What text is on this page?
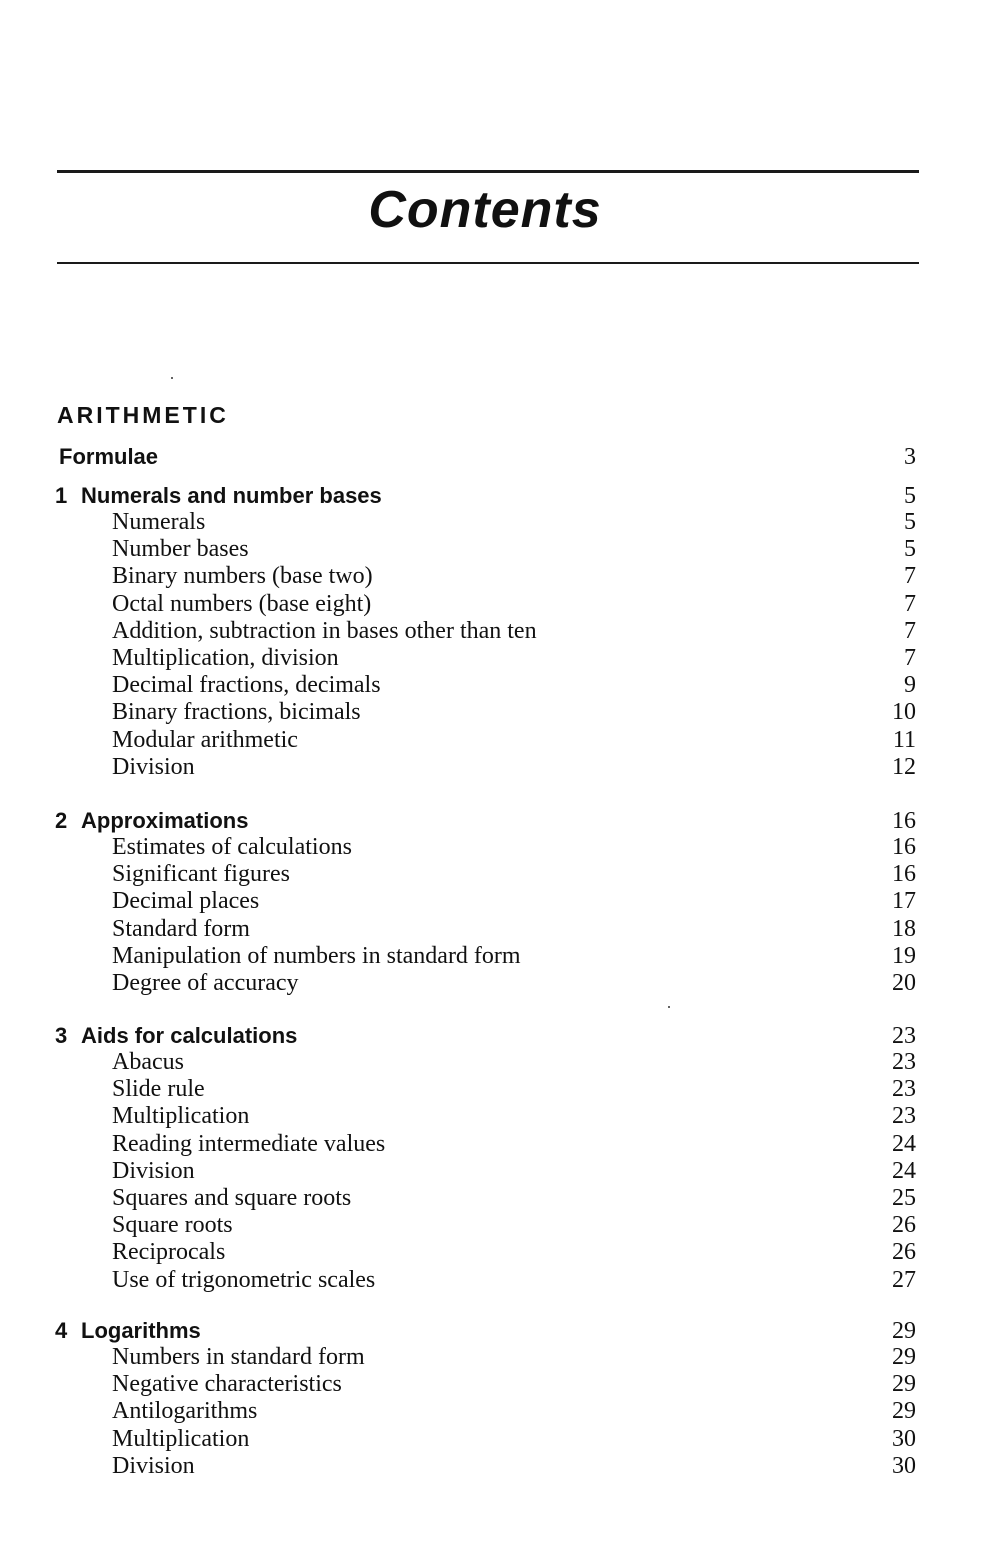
Contents
ARITHMETIC
Formulae	3
1 Numerals and number bases	5
Numerals	5
Number bases	5
Binary numbers (base two)	7
Octal numbers (base eight)	7
Addition, subtraction in bases other than ten	7
Multiplication, division	7
Decimal fractions, decimals	9
Binary fractions, bicimals	10
Modular arithmetic	11
Division	12
2 Approximations	16
Estimates of calculations	16
Significant figures	16
Decimal places	17
Standard form	18
Manipulation of numbers in standard form	19
Degree of accuracy	20
3 Aids for calculations	23
Abacus	23
Slide rule	23
Multiplication	23
Reading intermediate values	24
Division	24
Squares and square roots	25
Square roots	26
Reciprocals	26
Use of trigonometric scales	27
4 Logarithms	29
Numbers in standard form	29
Negative characteristics	29
Antilogarithms	29
Multiplication	30
Division	30
